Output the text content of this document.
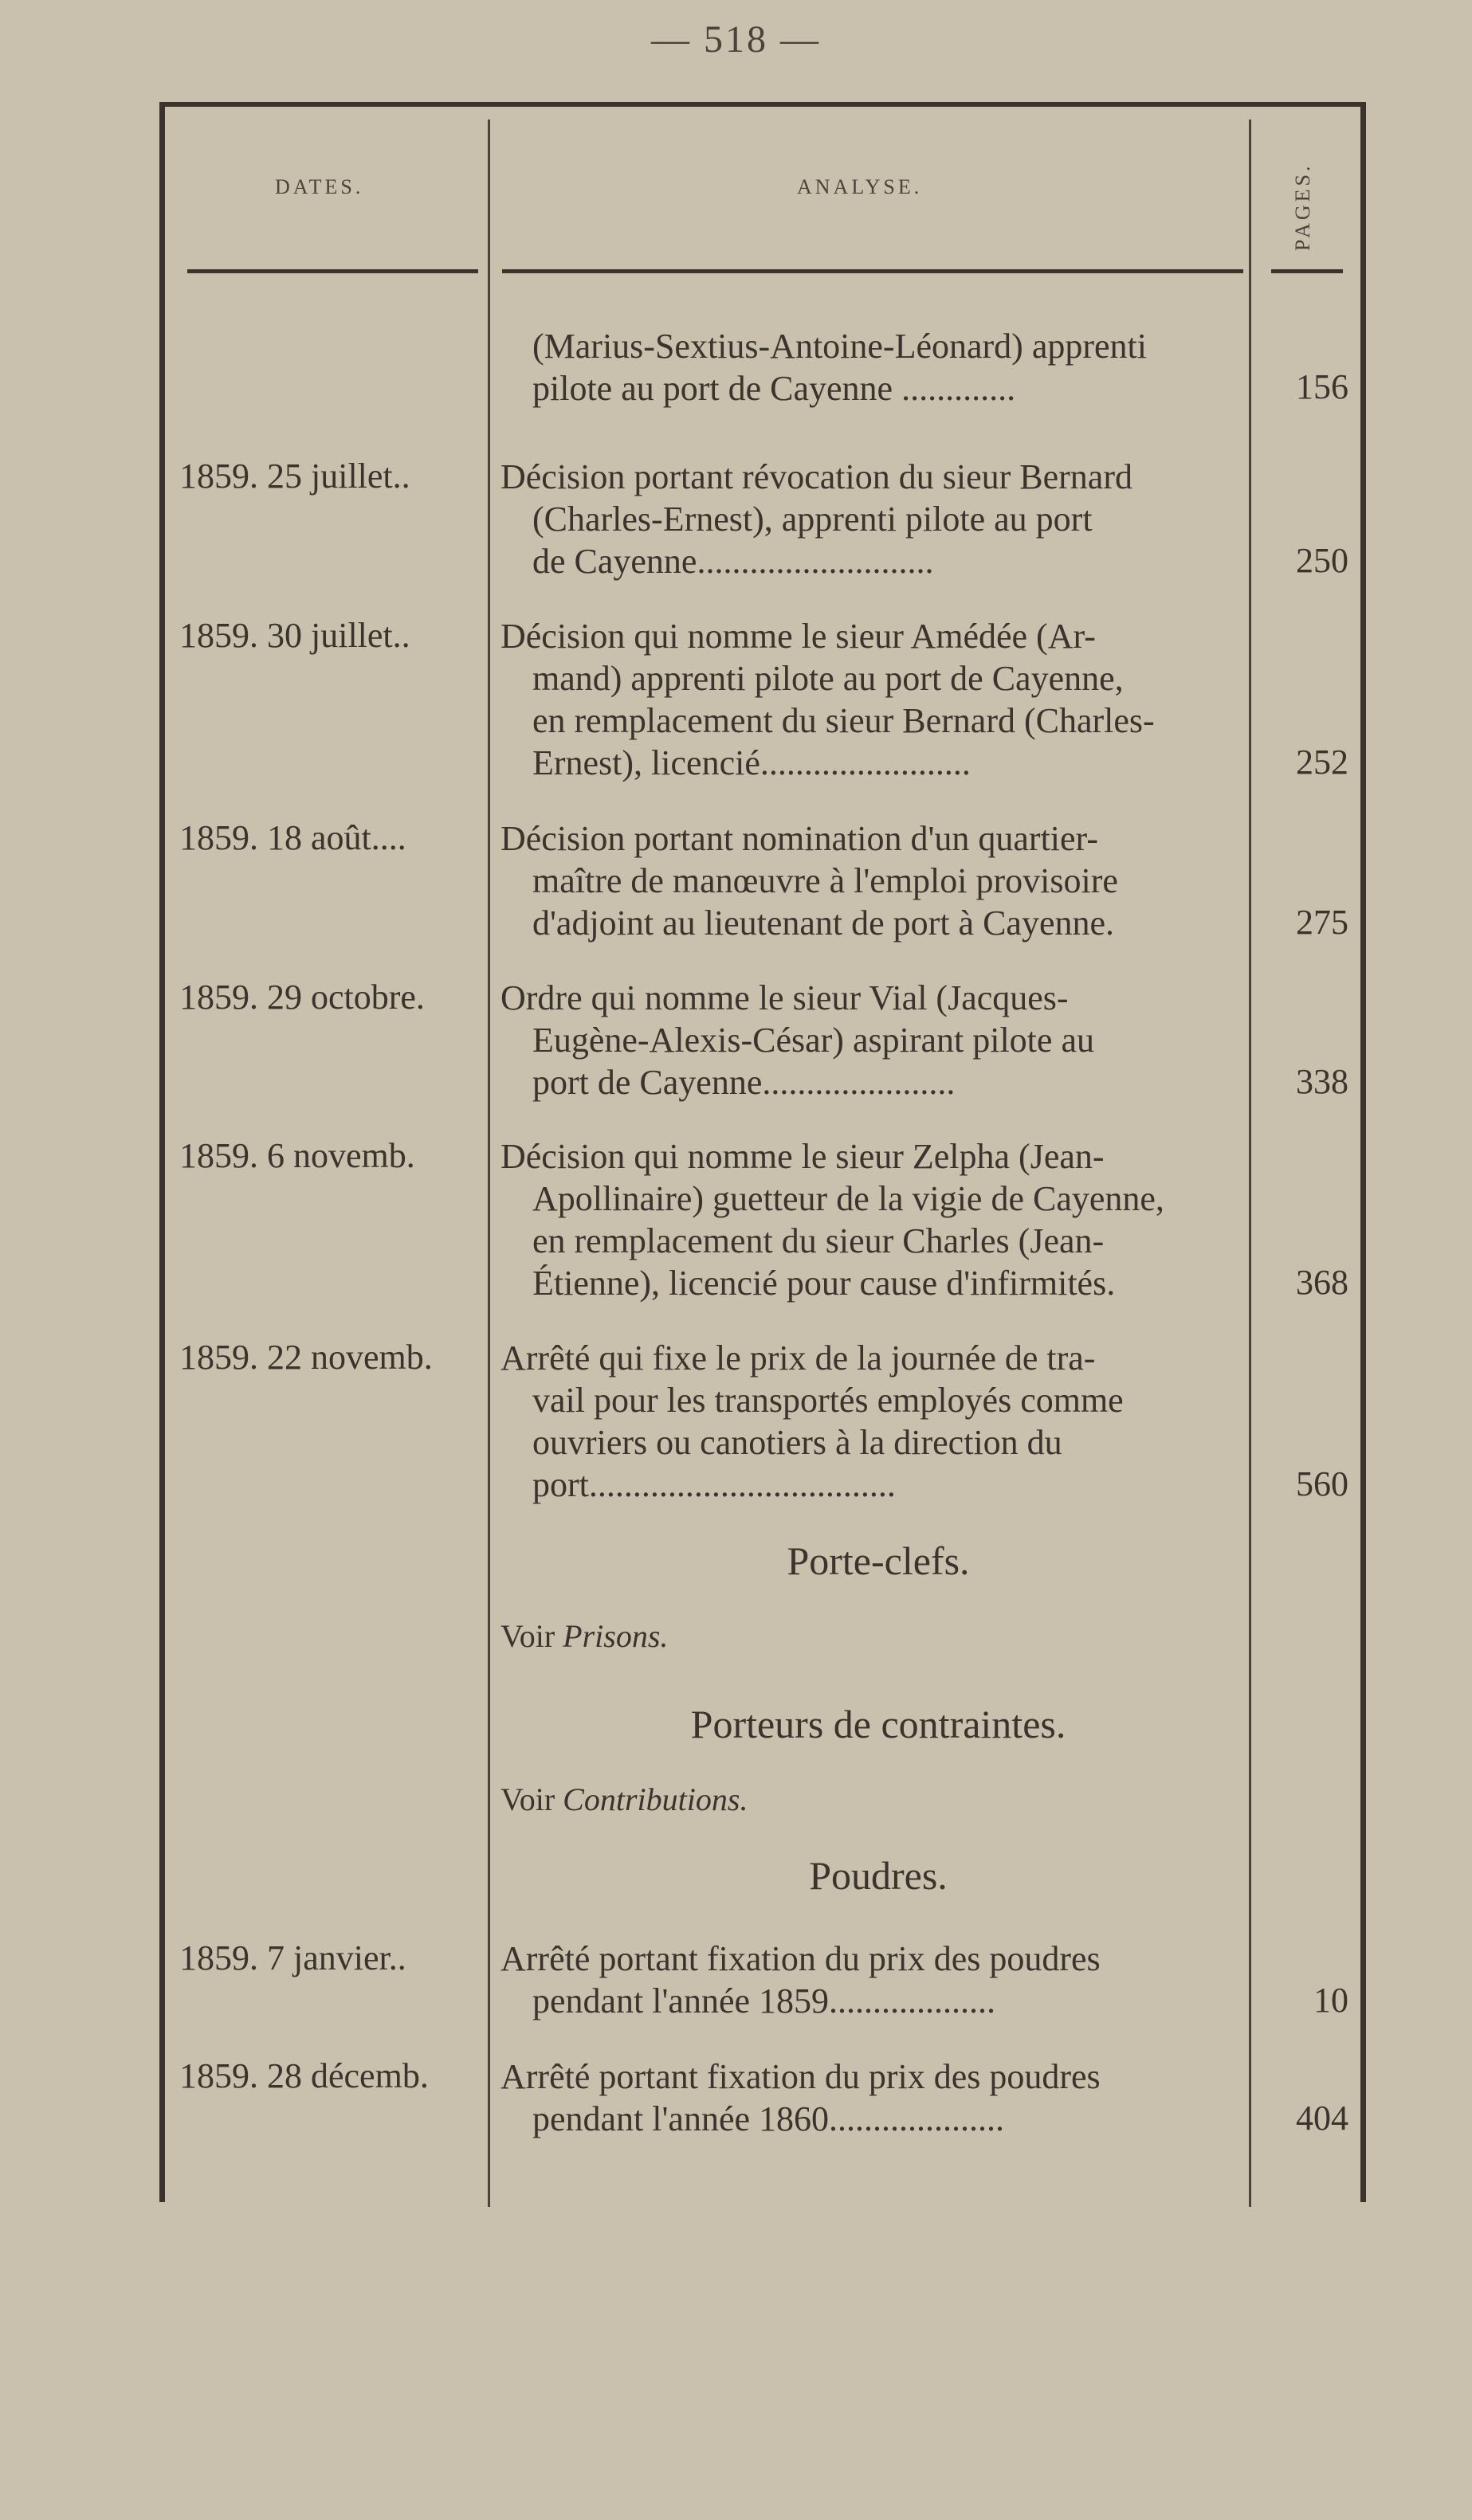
— 518 —
DATES.	ANALYSE.	PAGES.
(Marius-Sextius-Antoine-Léonard) apprenti
pilote au port de Cayenne .............	156
1859. 25 juillet..	Décision portant révocation du sieur Bernard
(Charles-Ernest), apprenti pilote au port
de Cayenne...........................	250
1859. 30 juillet..	Décision qui nomme le sieur Amédée (Ar-
mand) apprenti pilote au port de Cayenne,
en remplacement du sieur Bernard (Charles-
Ernest), licencié........................	252
1859. 18 août....	Décision portant nomination d'un quartier-
maître de manœuvre à l'emploi provisoire
d'adjoint au lieutenant de port à Cayenne.	275
1859. 29 octobre.	Ordre qui nomme le sieur Vial (Jacques-
Eugène-Alexis-César) aspirant pilote au
port de Cayenne......................	338
1859. 6 novemb.	Décision qui nomme le sieur Zelpha (Jean-
Apollinaire) guetteur de la vigie de Cayenne,
en remplacement du sieur Charles (Jean-
Étienne), licencié pour cause d'infirmités.	368
1859. 22 novemb.	Arrêté qui fixe le prix de la journée de tra-
vail pour les transportés employés comme
ouvriers ou canotiers à la direction du
port...................................	560
Porte-clefs.
Voir Prisons.
Porteurs de contraintes.
Voir Contributions.
Poudres.
1859. 7 janvier..	Arrêté portant fixation du prix des poudres
pendant l'année 1859...................	10
1859. 28 décemb.	Arrêté portant fixation du prix des poudres
pendant l'année 1860....................	404
